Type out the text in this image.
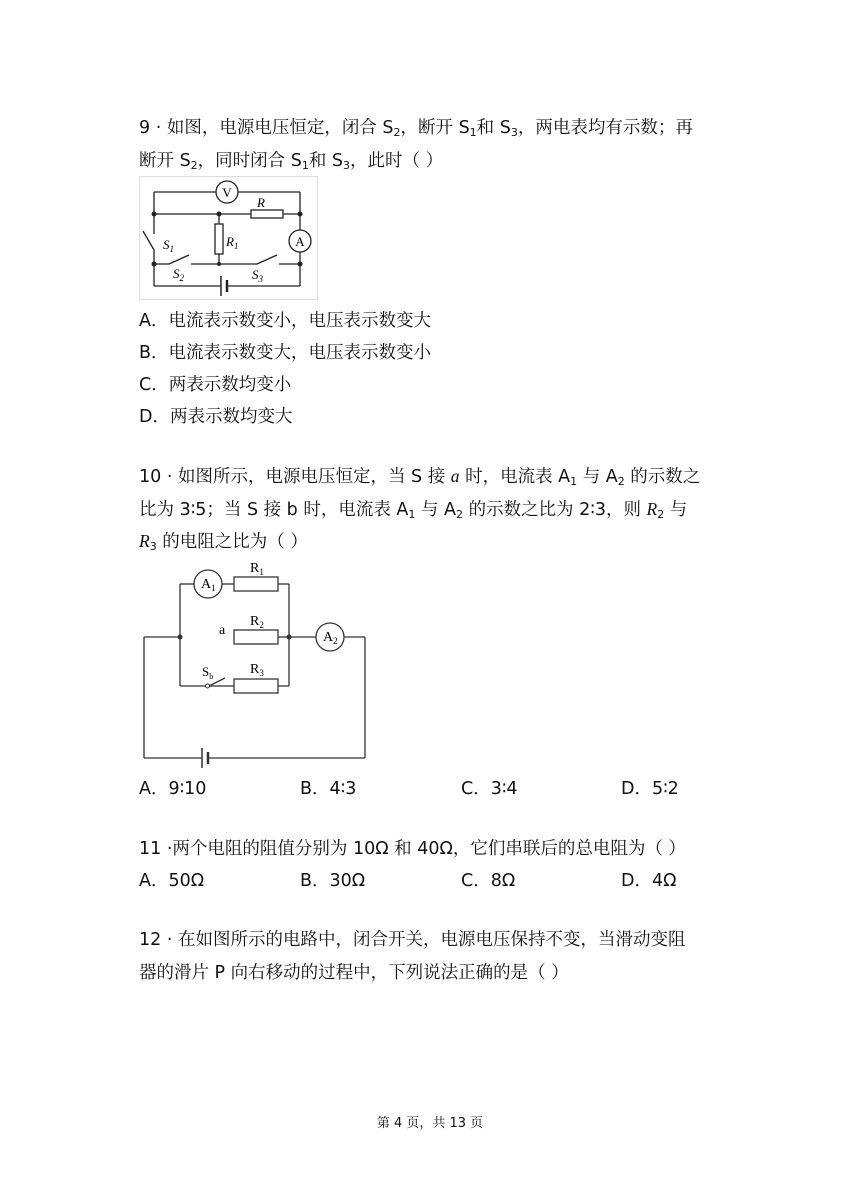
9 · 如图，电源电压恒定，闭合 S2，断开 S1和 S3，两电表均有示数；再
断开 S2，同时闭合 S1和 S3，此时（ ）
V
A
R
$R_1$
$S_1$
$S_2$	$S_3$
A．电流表示数变小，电压表示数变大
B．电流表示数变大，电压表示数变小
C．两表示数均变小
D．两表示数均变大
10 · 如图所示，电源电压恒定，当 S 接 a 时，电流表 A1 与 A2 的示数之
比为 3∶5；当 S 接 b 时，电流表 A1 与 A2 的示数之比为 2∶3，则 R2 与
R3 的电阻之比为（ ）
$A_1$
$A_2$
$R_1$
$R_2$
$R_3$
a
$S_b$
A．9∶10	B．4∶3	C．3∶4	D．5∶2
11 ·两个电阻的阻值分别为 10Ω 和 40Ω，它们串联后的总电阻为（ ）
A．50Ω	B．30Ω	C．8Ω	D．4Ω
12 · 在如图所示的电路中，闭合开关，电源电压保持不变，当滑动变阻
器的滑片 P 向右移动的过程中，下列说法正确的是（ ）
第 4 页，共 13 页
